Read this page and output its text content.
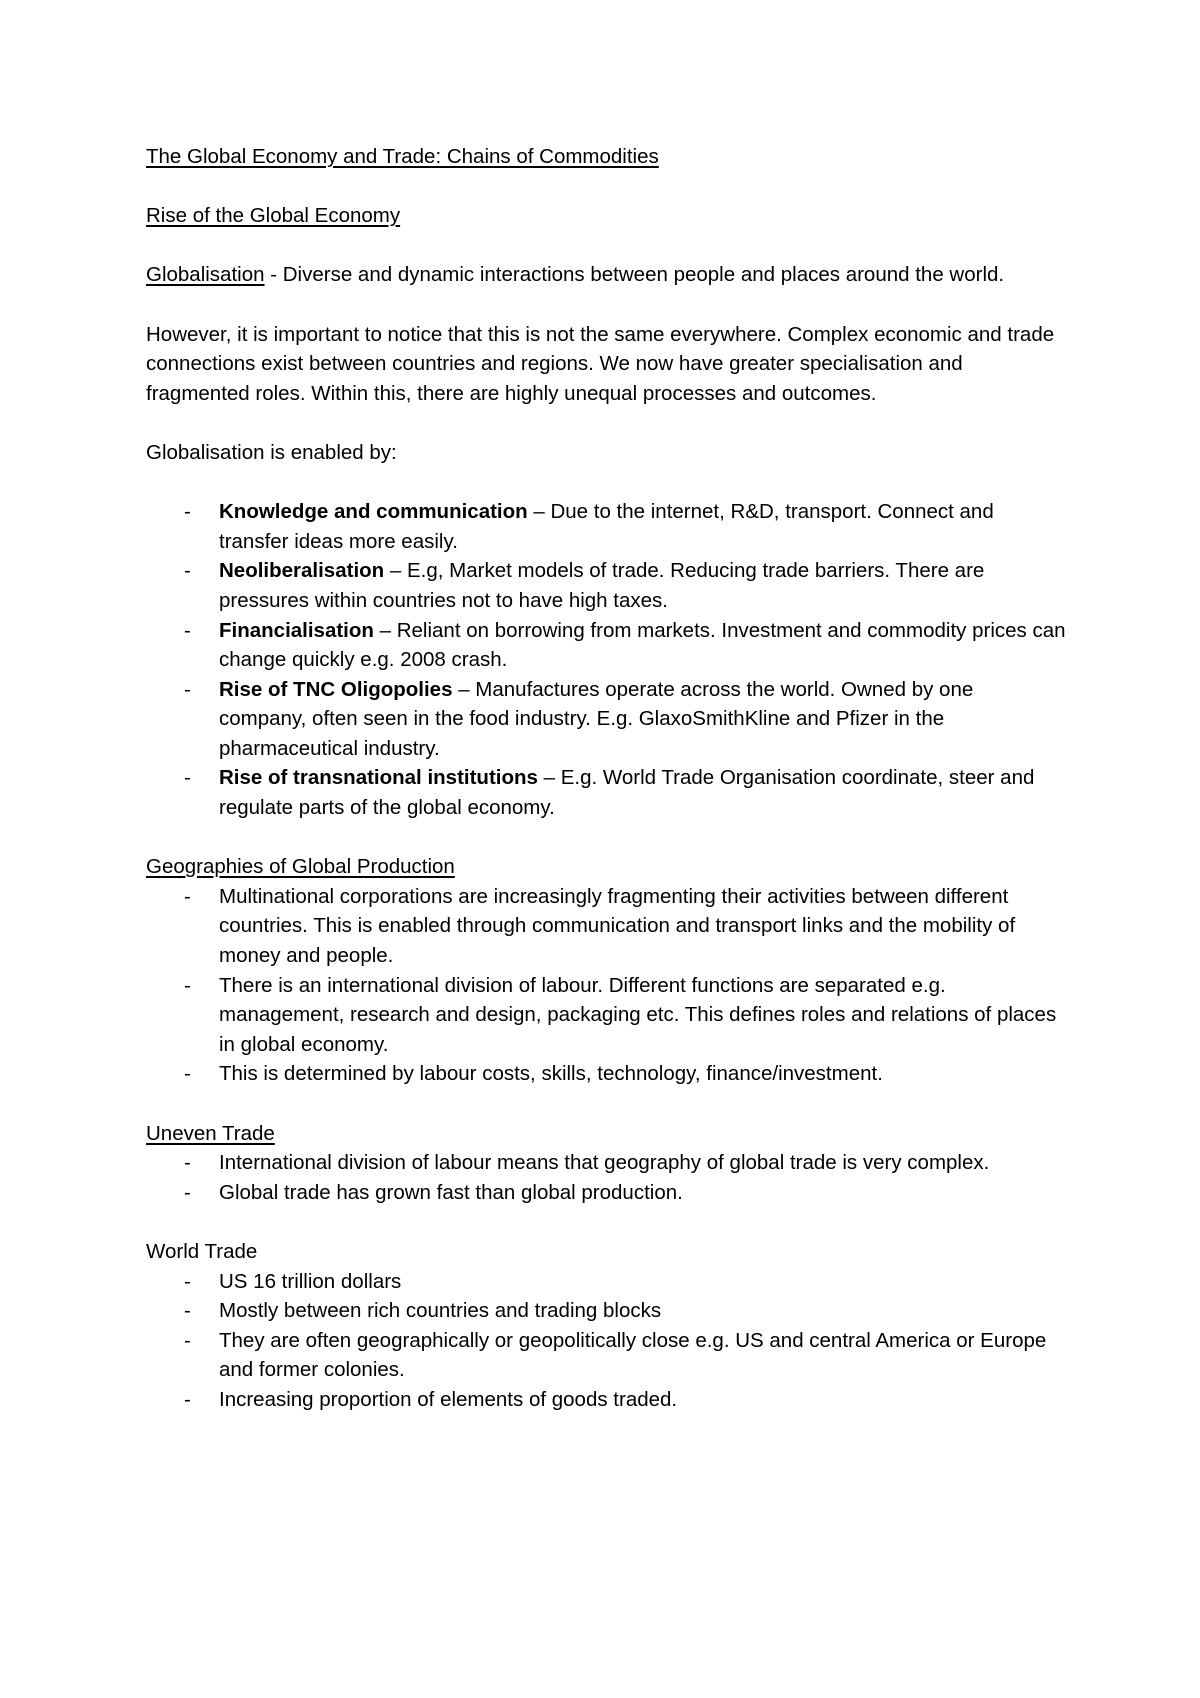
The Global Economy and Trade: Chains of Commodities

Rise of the Global Economy

Globalisation - Diverse and dynamic interactions between people and places around the world.

However, it is important to notice that this is not the same everywhere. Complex economic and trade connections exist between countries and regions. We now have greater specialisation and fragmented roles. Within this, there are highly unequal processes and outcomes.

Globalisation is enabled by:

- Knowledge and communication – Due to the internet, R&D, transport. Connect and transfer ideas more easily.
- Neoliberalisation – E.g, Market models of trade. Reducing trade barriers. There are pressures within countries not to have high taxes.
- Financialisation – Reliant on borrowing from markets. Investment and commodity prices can change quickly e.g. 2008 crash.
- Rise of TNC Oligopolies – Manufactures operate across the world. Owned by one company, often seen in the food industry. E.g. GlaxoSmithKline and Pfizer in the pharmaceutical industry.
- Rise of transnational institutions – E.g. World Trade Organisation coordinate, steer and regulate parts of the global economy.

Geographies of Global Production

- Multinational corporations are increasingly fragmenting their activities between different countries. This is enabled through communication and transport links and the mobility of money and people.
- There is an international division of labour. Different functions are separated e.g. management, research and design, packaging etc. This defines roles and relations of places in global economy.
- This is determined by labour costs, skills, technology, finance/investment.

Uneven Trade

- International division of labour means that geography of global trade is very complex.
- Global trade has grown fast than global production.

World Trade

- US 16 trillion dollars
- Mostly between rich countries and trading blocks
- They are often geographically or geopolitically close e.g. US and central America or Europe and former colonies.
- Increasing proportion of elements of goods traded.
